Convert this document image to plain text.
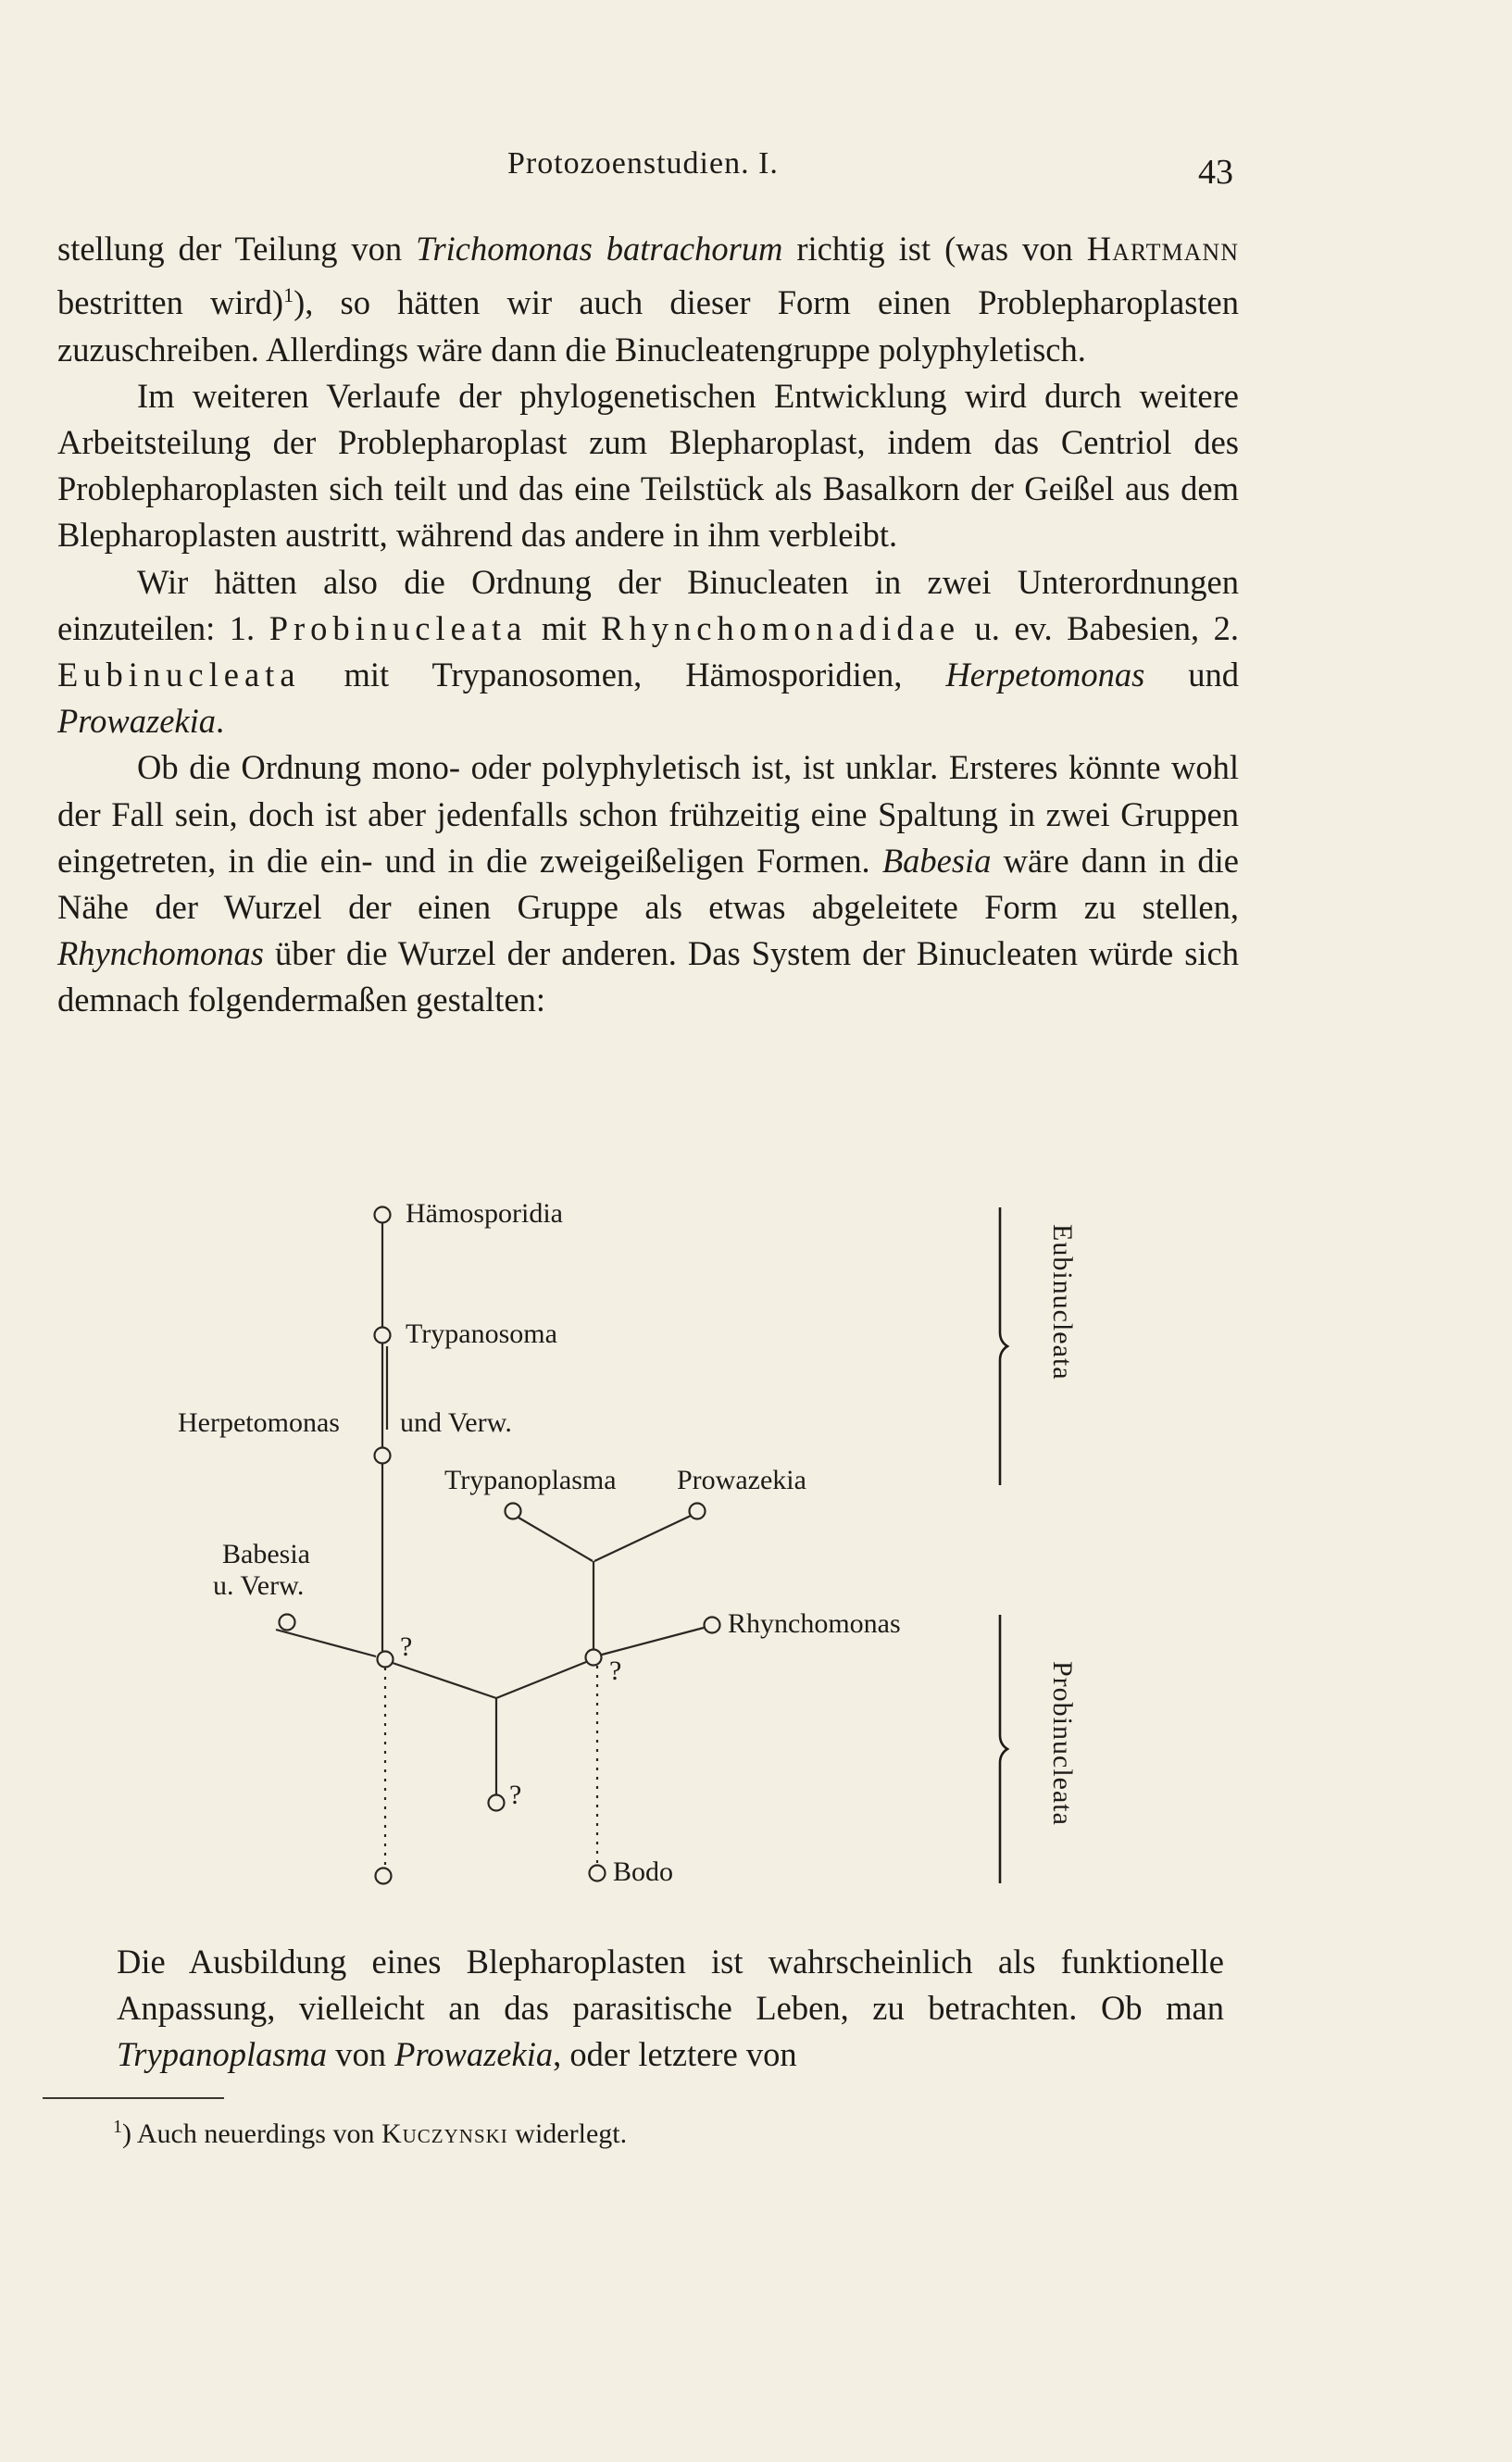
Protozoenstudien. I.	43

stellung der Teilung von Trichomonas batrachorum richtig ist (was von Hartmann bestritten wird)$^1$), so hätten wir auch dieser Form einen Problepharoplasten zuzuschreiben. Allerdings wäre dann die Binucleatengruppe polyphyletisch.

Im weiteren Verlaufe der phylogenetischen Entwicklung wird durch weitere Arbeitsteilung der Problepharoplast zum Blepharoplast, indem das Centriol des Problepharoplasten sich teilt und das eine Teilstück als Basalkorn der Geißel aus dem Blepharoplasten austritt, während das andere in ihm verbleibt.

Wir hätten also die Ordnung der Binucleaten in zwei Unterordnungen einzuteilen: 1. Probinucleata mit Rhynchomonadidae u. ev. Babesien, 2. Eubinucleata mit Trypanosomen, Hämosporidien, Herpetomonas und Prowazekia.

Ob die Ordnung mono- oder polyphyletisch ist, ist unklar. Ersteres könnte wohl der Fall sein, doch ist aber jedenfalls schon frühzeitig eine Spaltung in zwei Gruppen eingetreten, in die ein- und in die zweigeißeligen Formen. Babesia wäre dann in die Nähe der Wurzel der einen Gruppe als etwas abgeleitete Form zu stellen, Rhynchomonas über die Wurzel der anderen. Das System der Binucleaten würde sich demnach folgendermaßen gestalten:

Hämosporidia
Trypanosoma
Herpetomonas und Verw.
Trypanoplasma Prowazekia
Babesia
u. Verw.
Rhynchomonas
?
?
?
Bodo
Eubinucleata
Probinucleata

Die Ausbildung eines Blepharoplasten ist wahrscheinlich als funktionelle Anpassung, vielleicht an das parasitische Leben, zu betrachten. Ob man Trypanoplasma von Prowazekia, oder letztere von

$^1$) Auch neuerdings von Kuczynski widerlegt.
